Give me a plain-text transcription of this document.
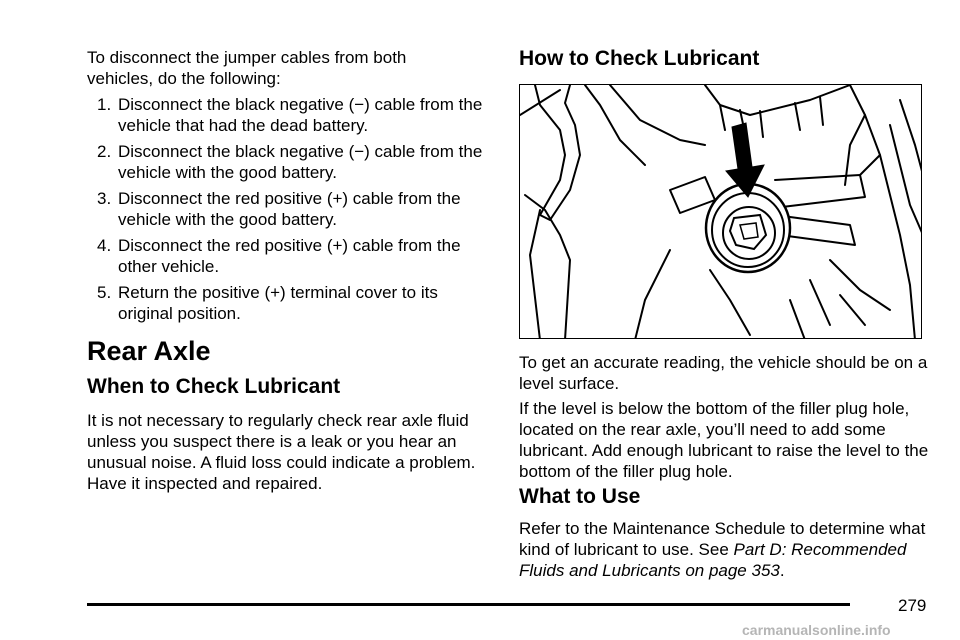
To disconnect the jumper cables from both vehicles, do the following:

1. Disconnect the black negative (−) cable from the vehicle that had the dead battery.
2. Disconnect the black negative (−) cable from the vehicle with the good battery.
3. Disconnect the red positive (+) cable from the vehicle with the good battery.
4. Disconnect the red positive (+) cable from the other vehicle.
5. Return the positive (+) terminal cover to its original position.
Rear Axle
When to Check Lubricant

It is not necessary to regularly check rear axle fluid unless you suspect there is a leak or you hear an unusual noise. A fluid loss could indicate a problem. Have it inspected and repaired.

How to Check Lubricant

To get an accurate reading, the vehicle should be on a level surface.

If the level is below the bottom of the filler plug hole, located on the rear axle, you’ll need to add some lubricant. Add enough lubricant to raise the level to the bottom of the filler plug hole.

What to Use

Refer to the Maintenance Schedule to determine what kind of lubricant to use. See Part D: Recommended Fluids and Lubricants on page 353.

279
carmanualsonline.info
